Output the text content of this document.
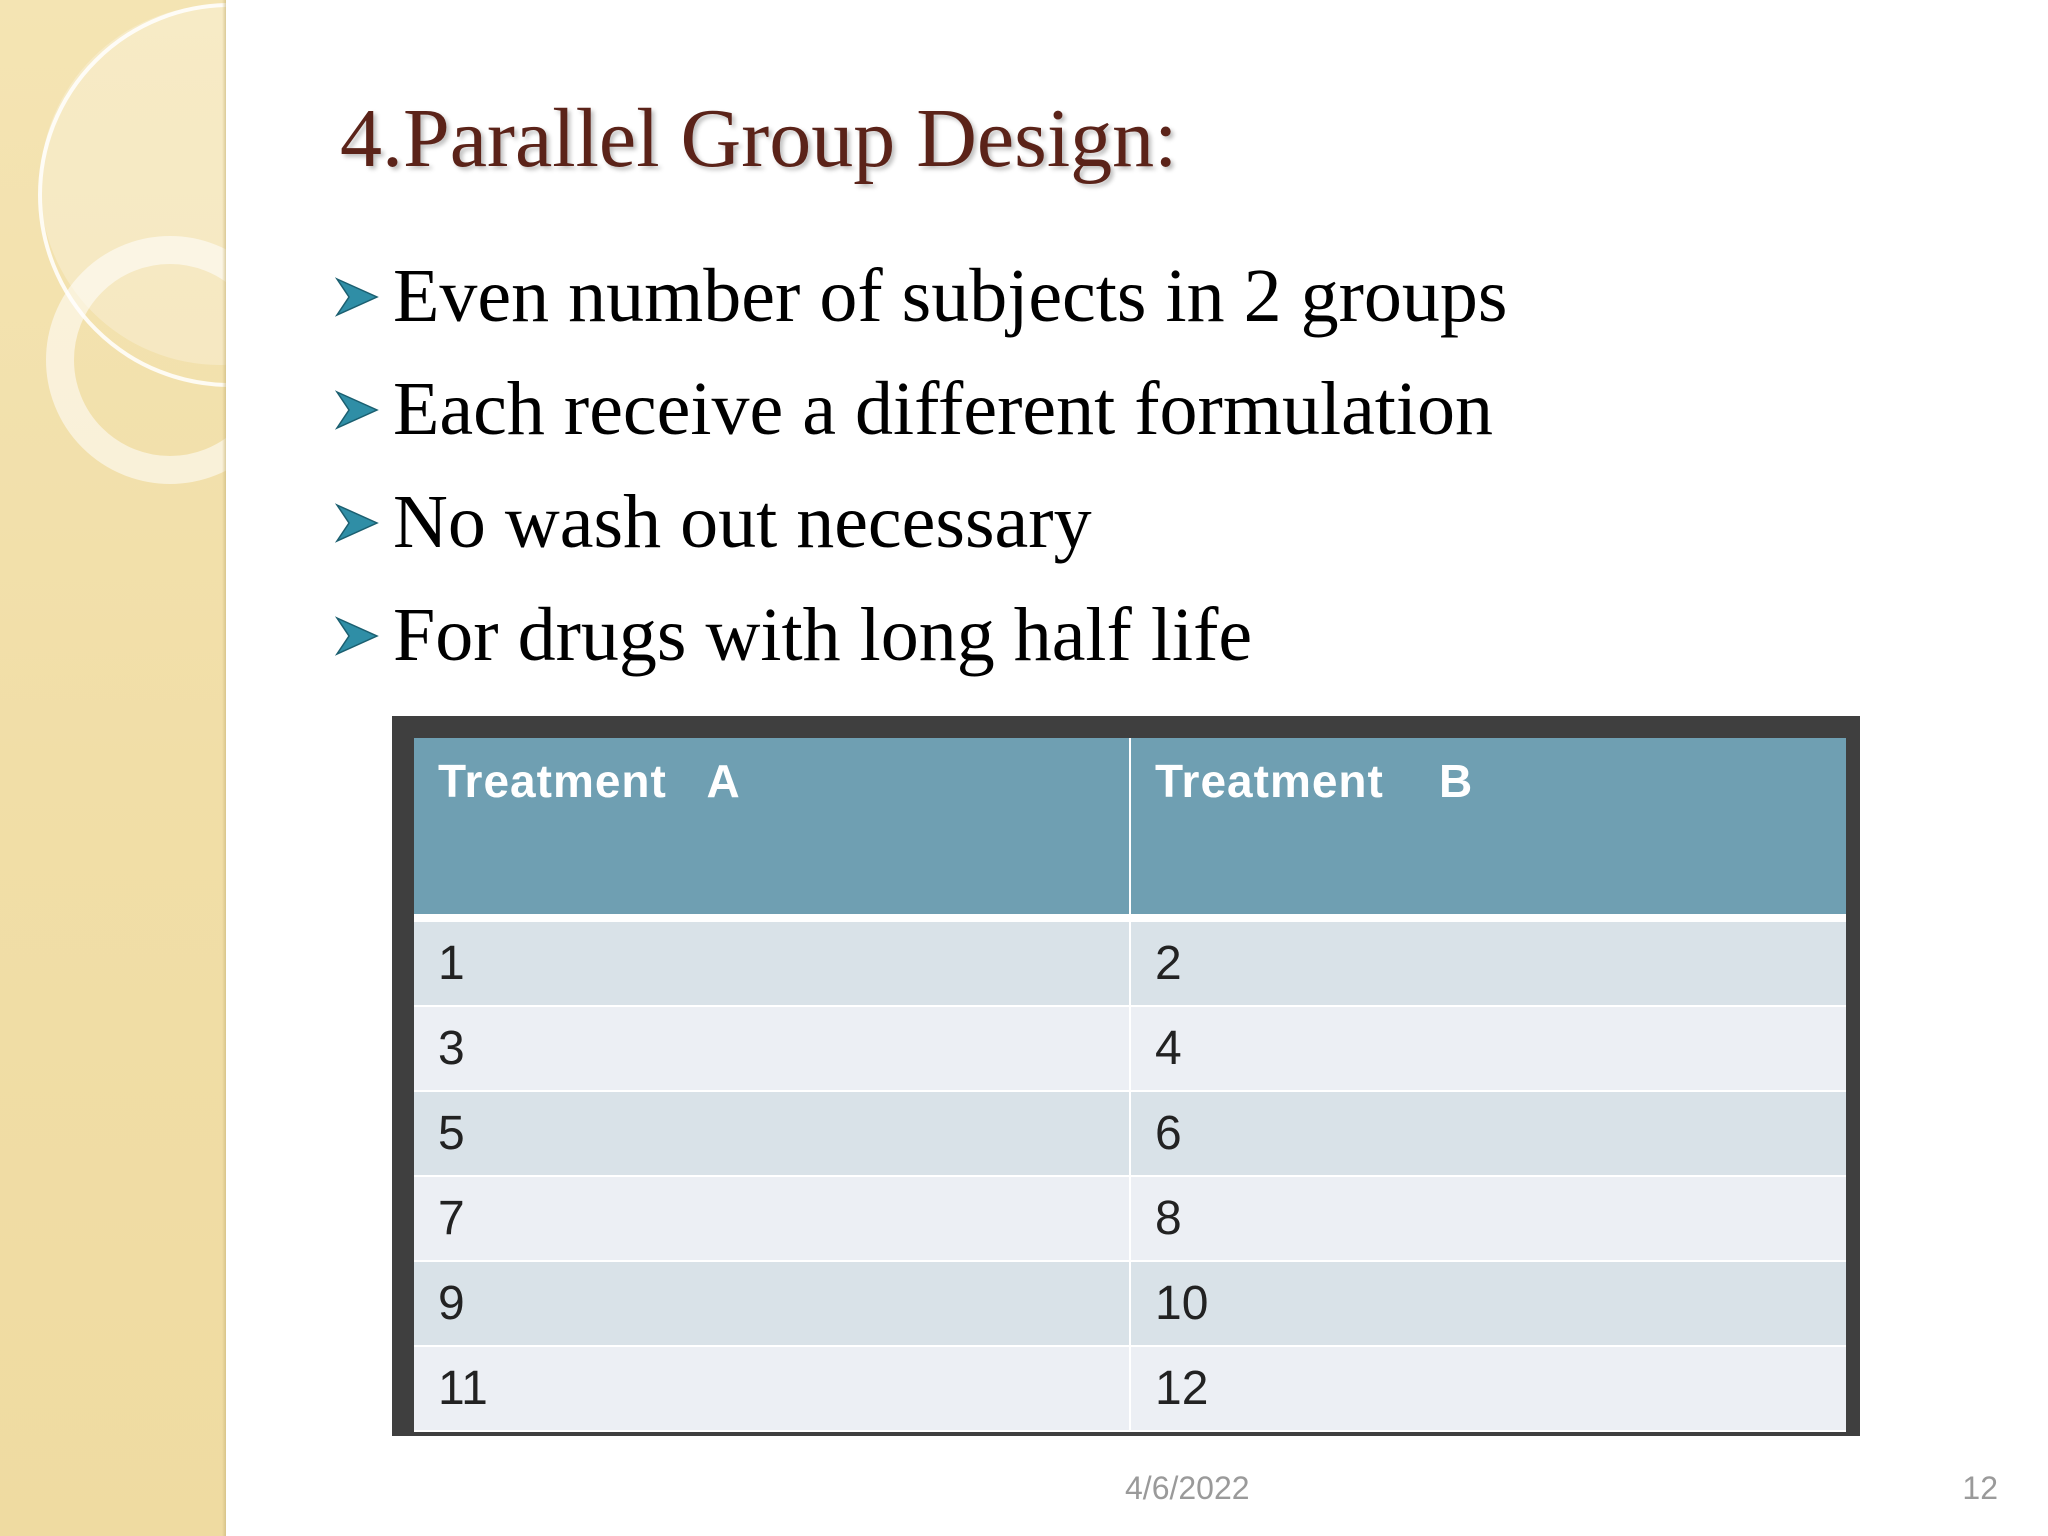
4.Parallel Group Design:
Even number of subjects in 2 groups
Each receive a different formulation
No wash out necessary
For drugs with long half life
Treatment   A	Treatment    B
1	2
3	4
5	6
7	8
9	10
11	12
4/6/2022	12
